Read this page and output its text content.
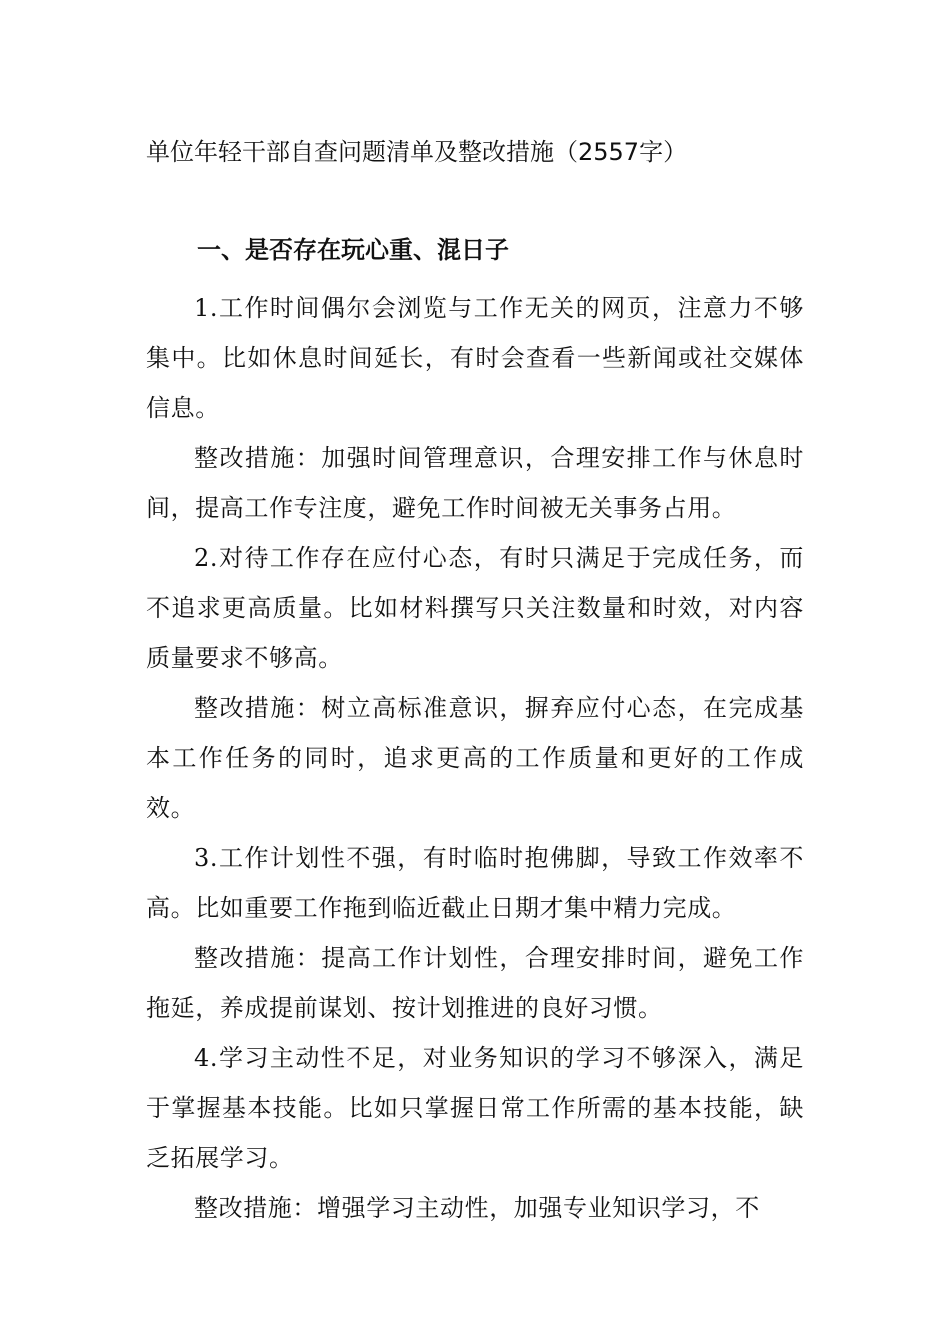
单位年轻干部自查问题清单及整改措施（2557字）
一、是否存在玩心重、混日子

1.工作时间偶尔会浏览与工作无关的网页，注意力不够集中。比如休息时间延长，有时会查看一些新闻或社交媒体信息。

整改措施：加强时间管理意识，合理安排工作与休息时间，提高工作专注度，避免工作时间被无关事务占用。

2.对待工作存在应付心态，有时只满足于完成任务，而不追求更高质量。比如材料撰写只关注数量和时效，对内容质量要求不够高。

整改措施：树立高标准意识，摒弃应付心态，在完成基本工作任务的同时，追求更高的工作质量和更好的工作成效。

3.工作计划性不强，有时临时抱佛脚，导致工作效率不高。比如重要工作拖到临近截止日期才集中精力完成。

整改措施：提高工作计划性，合理安排时间，避免工作拖延，养成提前谋划、按计划推进的良好习惯。

4.学习主动性不足，对业务知识的学习不够深入，满足于掌握基本技能。比如只掌握日常工作所需的基本技能，缺乏拓展学习。

整改措施：增强学习主动性，加强专业知识学习，不
